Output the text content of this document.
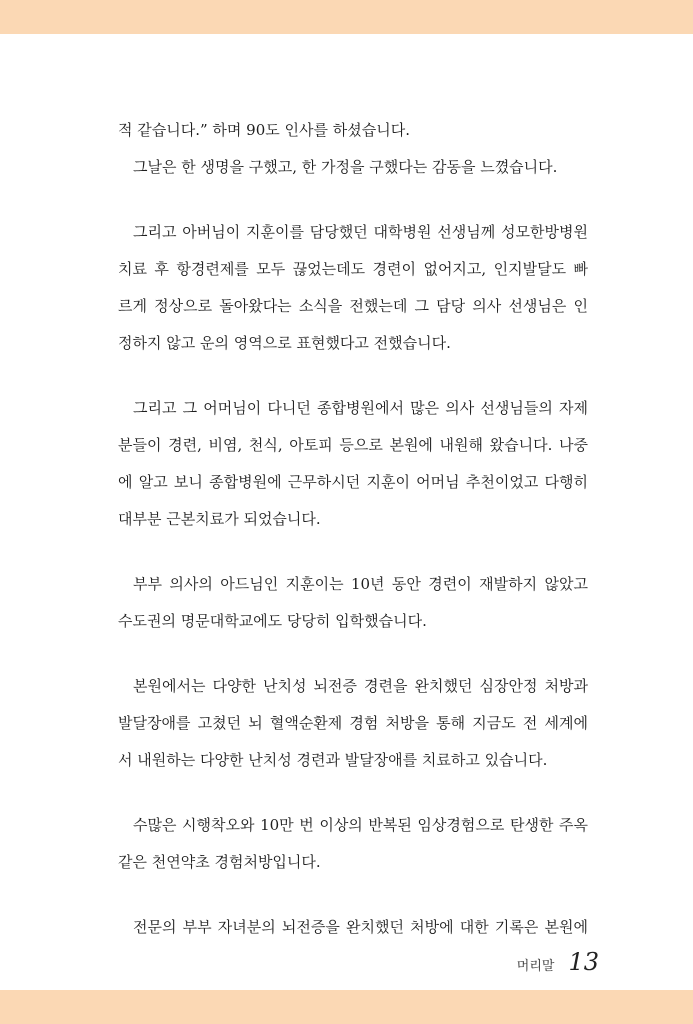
적 같습니다.” 하며 90도 인사를 하셨습니다.
그날은 한 생명을 구했고, 한 가정을 구했다는 감동을 느꼈습니다.
그리고 아버님이 지훈이를 담당했던 대학병원 선생님께 성모한방병원
치료 후 항경련제를 모두 끊었는데도 경련이 없어지고, 인지발달도 빠
르게 정상으로 돌아왔다는 소식을 전했는데 그 담당 의사 선생님은 인
정하지 않고 운의 영역으로 표현했다고 전했습니다.
그리고 그 어머님이 다니던 종합병원에서 많은 의사 선생님들의 자제
분들이 경련, 비염, 천식, 아토피 등으로 본원에 내원해 왔습니다. 나중
에 알고 보니 종합병원에 근무하시던 지훈이 어머님 추천이었고 다행히
대부분 근본치료가 되었습니다.
부부 의사의 아드님인 지훈이는 10년 동안 경련이 재발하지 않았고
수도권의 명문대학교에도 당당히 입학했습니다.
본원에서는 다양한 난치성 뇌전증 경련을 완치했던 심장안정 처방과
발달장애를 고쳤던 뇌 혈액순환제 경험 처방을 통해 지금도 전 세계에
서 내원하는 다양한 난치성 경련과 발달장애를 치료하고 있습니다.
수많은 시행착오와 10만 번 이상의 반복된 임상경험으로 탄생한 주옥
같은 천연약초 경험처방입니다.
전문의 부부 자녀분의 뇌전증을 완치했던 처방에 대한 기록은 본원에
머리말 13
